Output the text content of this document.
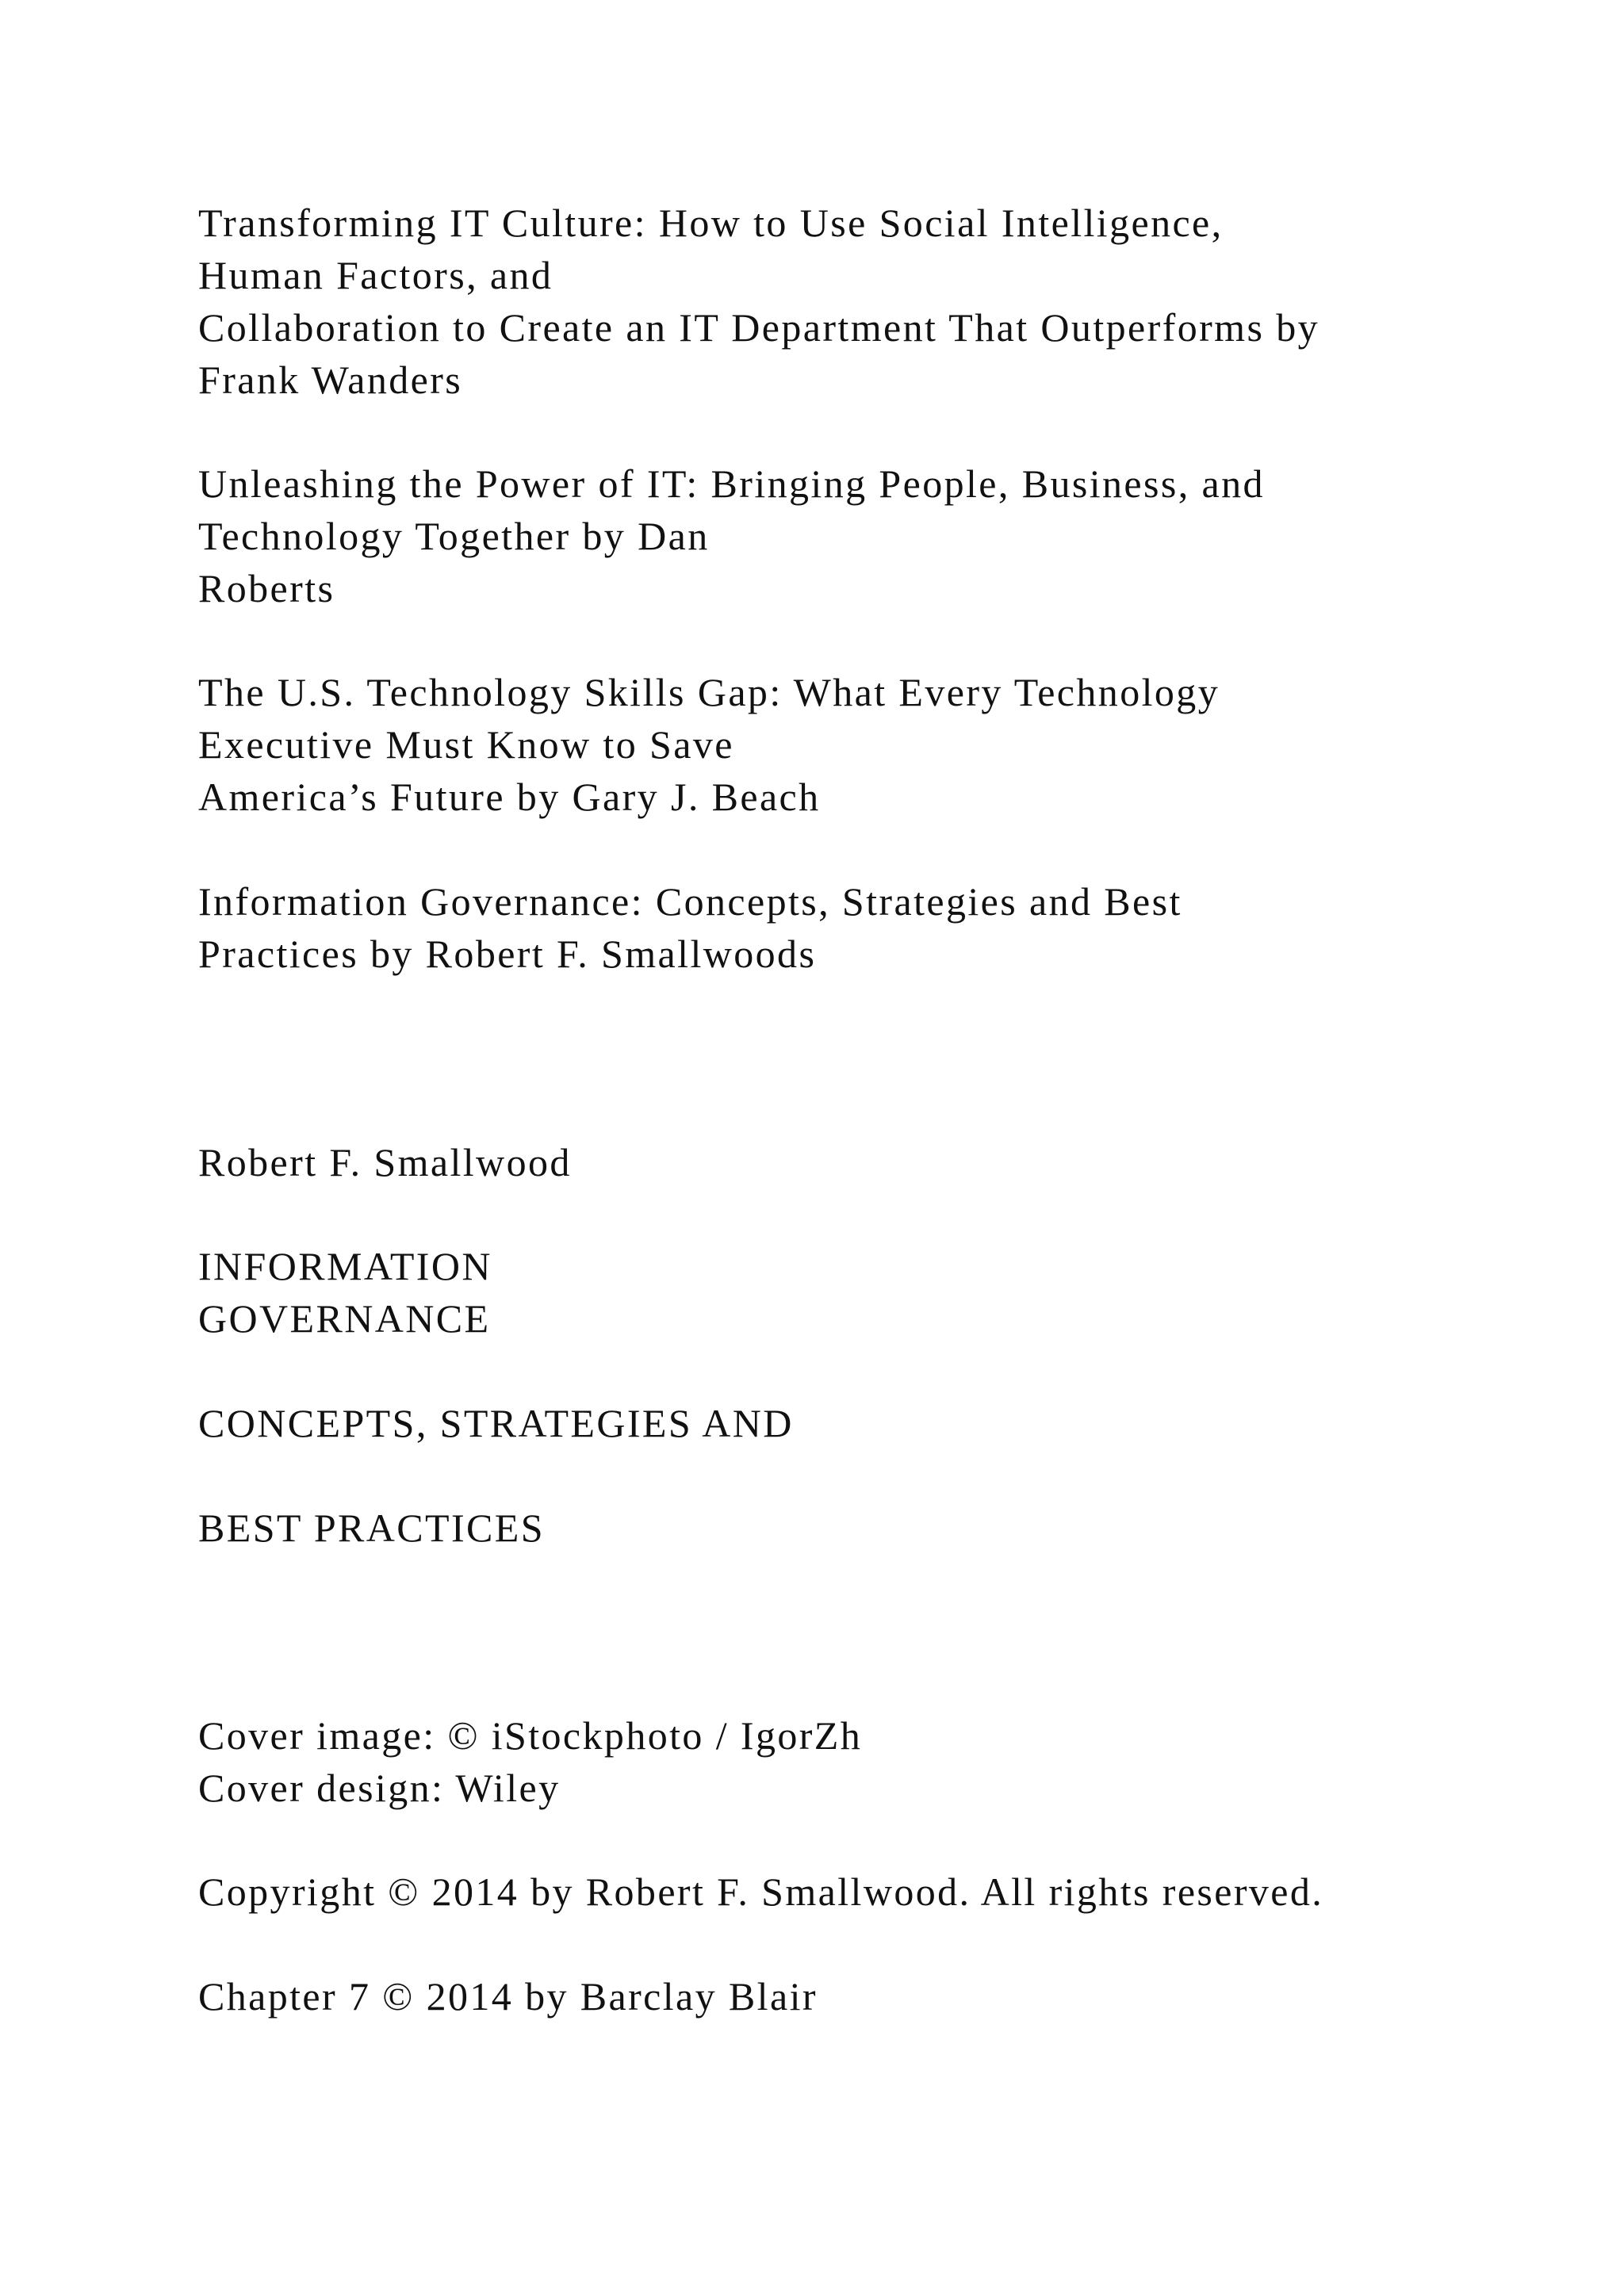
Transforming IT Culture: How to Use Social Intelligence,
Human Factors, and
Collaboration to Create an IT Department That Outperforms by
Frank Wanders

Unleashing the Power of IT: Bringing People, Business, and
Technology Together by Dan
Roberts

The U.S. Technology Skills Gap: What Every Technology
Executive Must Know to Save
America’s Future by Gary J. Beach

Information Governance: Concepts, Strategies and Best
Practices by Robert F. Smallwoods

Robert F. Smallwood

INFORMATION
GOVERNANCE

CONCEPTS, STRATEGIES AND

BEST PRACTICES

Cover image: © iStockphoto / IgorZh
Cover design: Wiley

Copyright © 2014 by Robert F. Smallwood. All rights reserved.

Chapter 7 © 2014 by Barclay Blair
